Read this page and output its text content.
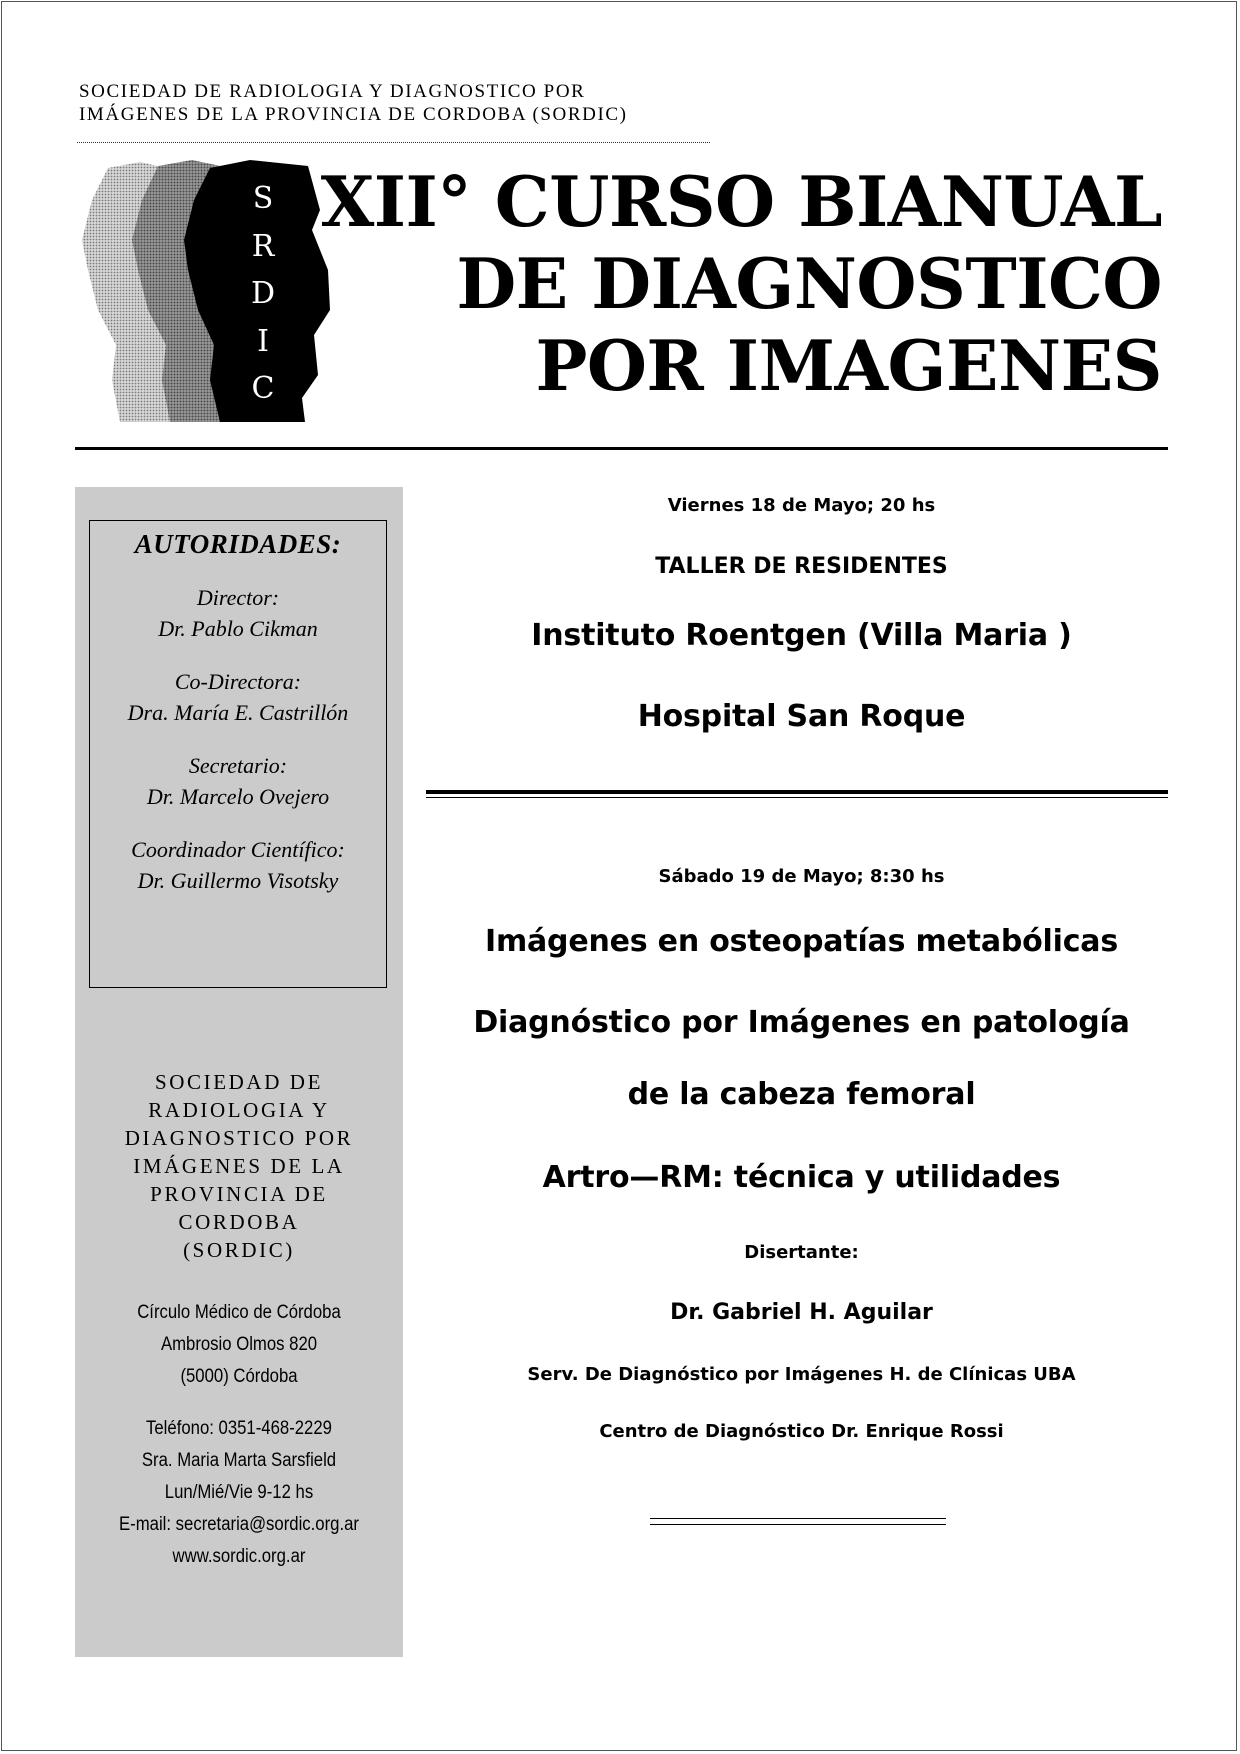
SOCIEDAD DE RADIOLOGIA Y DIAGNOSTICO POR
IMÁGENES DE LA PROVINCIA DE CORDOBA (SORDIC)
S
R
D
I
C
XII° CURSO BIANUAL
DE DIAGNOSTICO
POR IMAGENES
AUTORIDADES:
Director:
Dr. Pablo Cikman
Co-Directora:
Dra. María E. Castrillón
Secretario:
Dr. Marcelo Ovejero
Coordinador Científico:
Dr. Guillermo Visotsky
SOCIEDAD DE
RADIOLOGIA Y
DIAGNOSTICO POR
IMÁGENES DE LA
PROVINCIA DE
CORDOBA
(SORDIC)
Círculo Médico de Córdoba
Ambrosio Olmos 820
(5000) Córdoba
Teléfono: 0351-468-2229
Sra. Maria Marta Sarsfield
Lun/Mié/Vie 9-12 hs
E-mail: secretaria@sordic.org.ar
www.sordic.org.ar
Viernes 18 de Mayo; 20 hs
TALLER DE RESIDENTES
Instituto Roentgen (Villa Maria )
Hospital San Roque
Sábado 19 de Mayo; 8:30 hs
Imágenes en osteopatías metabólicas
Diagnóstico por Imágenes en patología
de la cabeza femoral
Artro—RM: técnica y utilidades
Disertante:
Dr. Gabriel H. Aguilar
Serv. De Diagnóstico por Imágenes H. de Clínicas UBA
Centro de Diagnóstico Dr. Enrique Rossi
